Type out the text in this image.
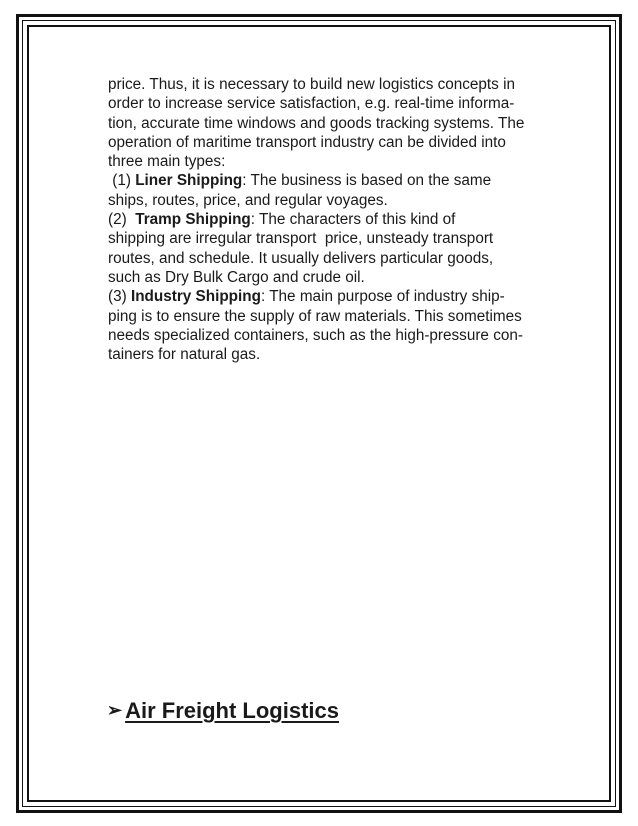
price. Thus, it is necessary to build new logistics concepts in
order to increase service satisfaction, e.g. real-time informa-
tion, accurate time windows and goods tracking systems. The
operation of maritime transport industry can be divided into
three main types:
(1) Liner Shipping: The business is based on the same
ships, routes, price, and regular voyages.
(2)  Tramp Shipping: The characters of this kind of
shipping are irregular transport  price, unsteady transport
routes, and schedule. It usually delivers particular goods,
such as Dry Bulk Cargo and crude oil.
(3) Industry Shipping: The main purpose of industry ship-
ping is to ensure the supply of raw materials. This sometimes
needs specialized containers, such as the high-pressure con-
tainers for natural gas.
➢ Air Freight Logistics
